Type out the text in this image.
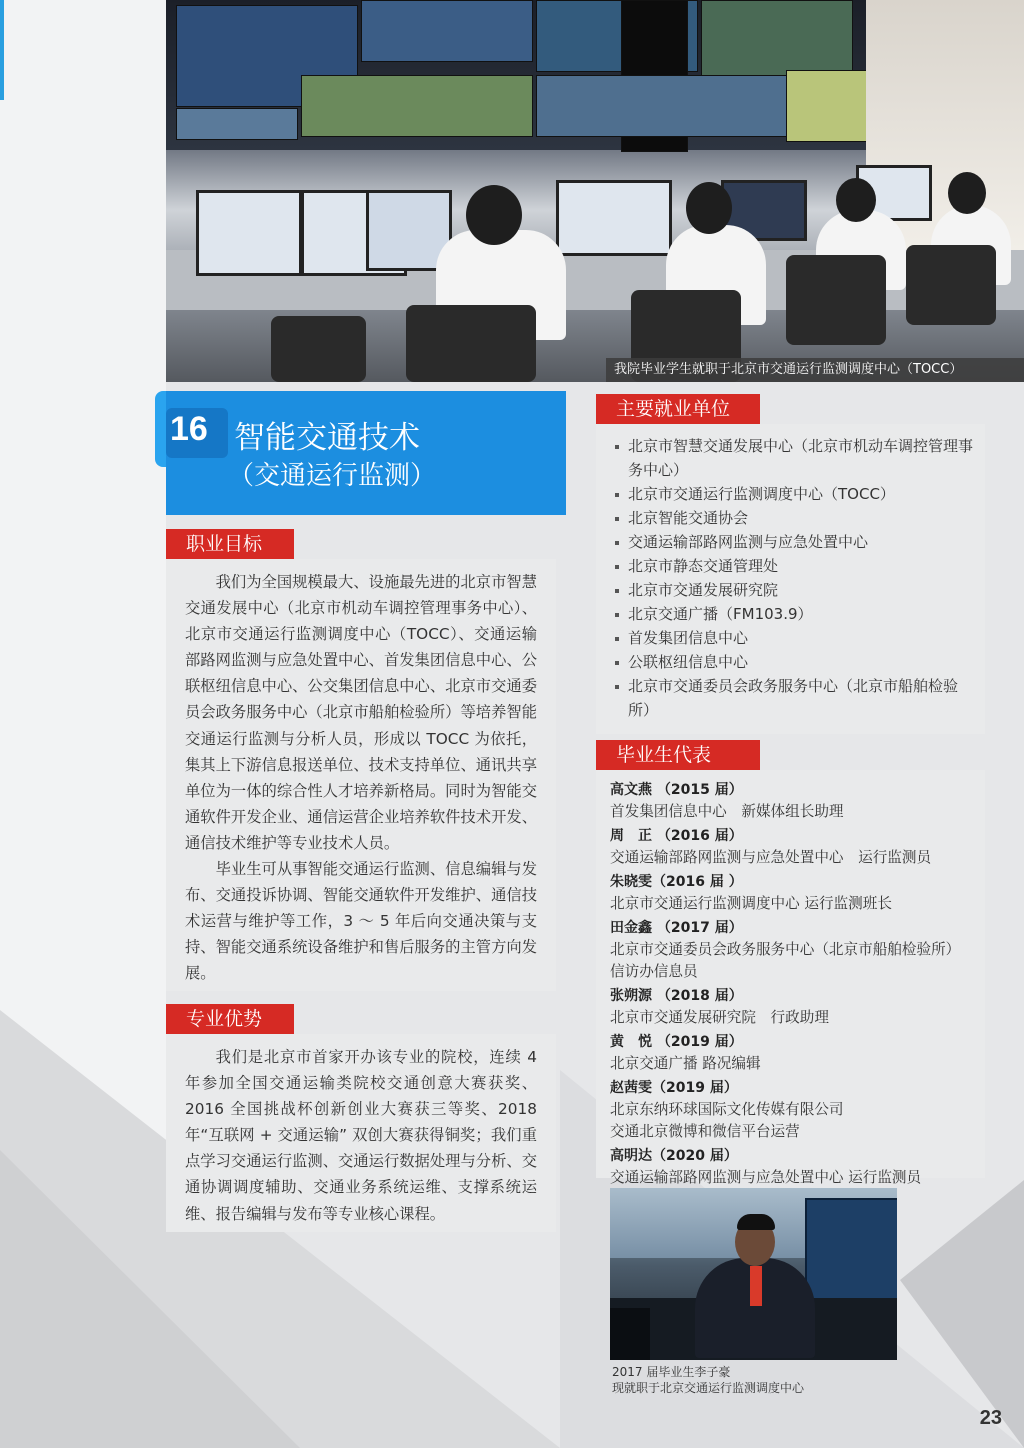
我院毕业学生就职于北京市交通运行监测调度中心（TOCC）
16 智能交通技术
（交通运行监测）
职业目标

我们为全国规模最大、设施最先进的北京市智慧交通发展中心（北京市机动车调控管理事务中心）、北京市交通运行监测调度中心（TOCC）、交通运输部路网监测与应急处置中心、首发集团信息中心、公联枢纽信息中心、公交集团信息中心、北京市交通委员会政务服务中心（北京市船舶检验所）等培养智能交通运行监测与分析人员，形成以 TOCC 为依托，集其上下游信息报送单位、技术支持单位、通讯共享单位为一体的综合性人才培养新格局。同时为智能交通软件开发企业、通信运营企业培养软件技术开发、通信技术维护等专业技术人员。

毕业生可从事智能交通运行监测、信息编辑与发布、交通投诉协调、智能交通软件开发维护、通信技术运营与维护等工作，3 ～ 5 年后向交通决策与支持、智能交通系统设备维护和售后服务的主管方向发展。

专业优势

我们是北京市首家开办该专业的院校，连续 4 年参加全国交通运输类院校交通创意大赛获奖、2016 全国挑战杯创新创业大赛获三等奖、2018 年“互联网 + 交通运输” 双创大赛获得铜奖；我们重点学习交通运行监测、交通运行数据处理与分析、交通协调调度辅助、交通业务系统运维、支撑系统运维、报告编辑与发布等专业核心课程。

主要就业单位
北京市智慧交通发展中心（北京市机动车调控管理事务中心）
北京市交通运行监测调度中心（TOCC）
北京智能交通协会
交通运输部路网监测与应急处置中心
北京市静态交通管理处
北京市交通发展研究院
北京交通广播（FM103.9）
首发集团信息中心
公联枢纽信息中心
北京市交通委员会政务服务中心（北京市船舶检验所）
毕业生代表
高文燕 （2015 届）
首发集团信息中心　新媒体组长助理
周　正 （2016 届）
交通运输部路网监测与应急处置中心　运行监测员
朱晓雯（2016 届 ）
北京市交通运行监测调度中心 运行监测班长
田金鑫 （2017 届）
北京市交通委员会政务服务中心（北京市船舶检验所）
信访办信息员
张朔源 （2018 届）
北京市交通发展研究院　行政助理
黄　悦 （2019 届）
北京交通广播 路况编辑
赵茜雯（2019 届）
北京东纳环球国际文化传媒有限公司
交通北京微博和微信平台运营
高明达（2020 届）
交通运输部路网监测与应急处置中心 运行监测员
2017 届毕业生李子豪
现就职于北京交通运行监测调度中心
23
